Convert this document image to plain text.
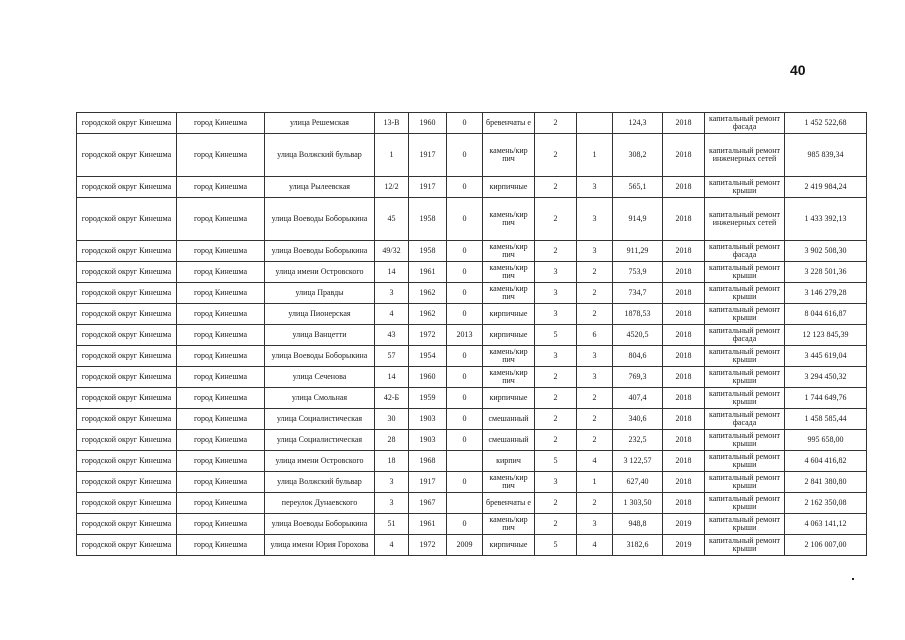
40
городской округ Кинешма	город Кинешма	улица Решемская	13-В	1960	0	бревенчаты е	2		124,3	2018	капитальный ремонт фасада	1 452 522,68
городской округ Кинешма	город Кинешма	улица Волжский бульвар	1	1917	0	камень/кир пич	2	1	308,2	2018	капитальный ремонт инженерных сетей	985 839,34
городской округ Кинешма	город Кинешма	улица Рылеевская	12/2	1917	0	кирпичные	2	3	565,1	2018	капитальный ремонт крыши	2 419 984,24
городской округ Кинешма	город Кинешма	улица Воеводы Боборыкина	45	1958	0	камень/кир пич	2	3	914,9	2018	капитальный ремонт инженерных сетей	1 433 392,13
городской округ Кинешма	город Кинешма	улица Воеводы Боборыкина	49/32	1958	0	камень/кир пич	2	3	911,29	2018	капитальный ремонт фасада	3 902 508,30
городской округ Кинешма	город Кинешма	улица имени Островского	14	1961	0	камень/кир пич	3	2	753,9	2018	капитальный ремонт крыши	3 228 501,36
городской округ Кинешма	город Кинешма	улица Правды	3	1962	0	камень/кир пич	3	2	734,7	2018	капитальный ремонт крыши	3 146 279,28
городской округ Кинешма	город Кинешма	улица Пионерская	4	1962	0	кирпичные	3	2	1878,53	2018	капитальный ремонт крыши	8 044 616,87
городской округ Кинешма	город Кинешма	улица Ванцетти	43	1972	2013	кирпичные	5	6	4520,5	2018	капитальный ремонт фасада	12 123 845,39
городской округ Кинешма	город Кинешма	улица Воеводы Боборыкина	57	1954	0	камень/кир пич	3	3	804,6	2018	капитальный ремонт крыши	3 445 619,04
городской округ Кинешма	город Кинешма	улица Сеченова	14	1960	0	камень/кир пич	2	3	769,3	2018	капитальный ремонт крыши	3 294 450,32
городской округ Кинешма	город Кинешма	улица Смольная	42-Б	1959	0	кирпичные	2	2	407,4	2018	капитальный ремонт крыши	1 744 649,76
городской округ Кинешма	город Кинешма	улица Социалистическая	30	1903	0	смешанный	2	2	340,6	2018	капитальный ремонт фасада	1 458 585,44
городской округ Кинешма	город Кинешма	улица Социалистическая	28	1903	0	смешанный	2	2	232,5	2018	капитальный ремонт крыши	995 658,00
городской округ Кинешма	город Кинешма	улица имени Островского	18	1968		кирпич	5	4	3 122,57	2018	капитальный ремонт крыши	4 604 416,82
городской округ Кинешма	город Кинешма	улица Волжский бульвар	3	1917	0	камень/кир пич	3	1	627,40	2018	капитальный ремонт крыши	2 841 380,80
городской округ Кинешма	город Кинешма	переулок Дунаевского	3	1967		бревенчаты е	2	2	1 303,50	2018	капитальный ремонт крыши	2 162 350,08
городской округ Кинешма	город Кинешма	улица Воеводы Боборыкина	51	1961	0	камень/кир пич	2	3	948,8	2019	капитальный ремонт крыши	4 063 141,12
городской округ Кинешма	город Кинешма	улица имени Юрия Горохова	4	1972	2009	кирпичные	5	4	3182,6	2019	капитальный ремонт крыши	2 106 007,00
